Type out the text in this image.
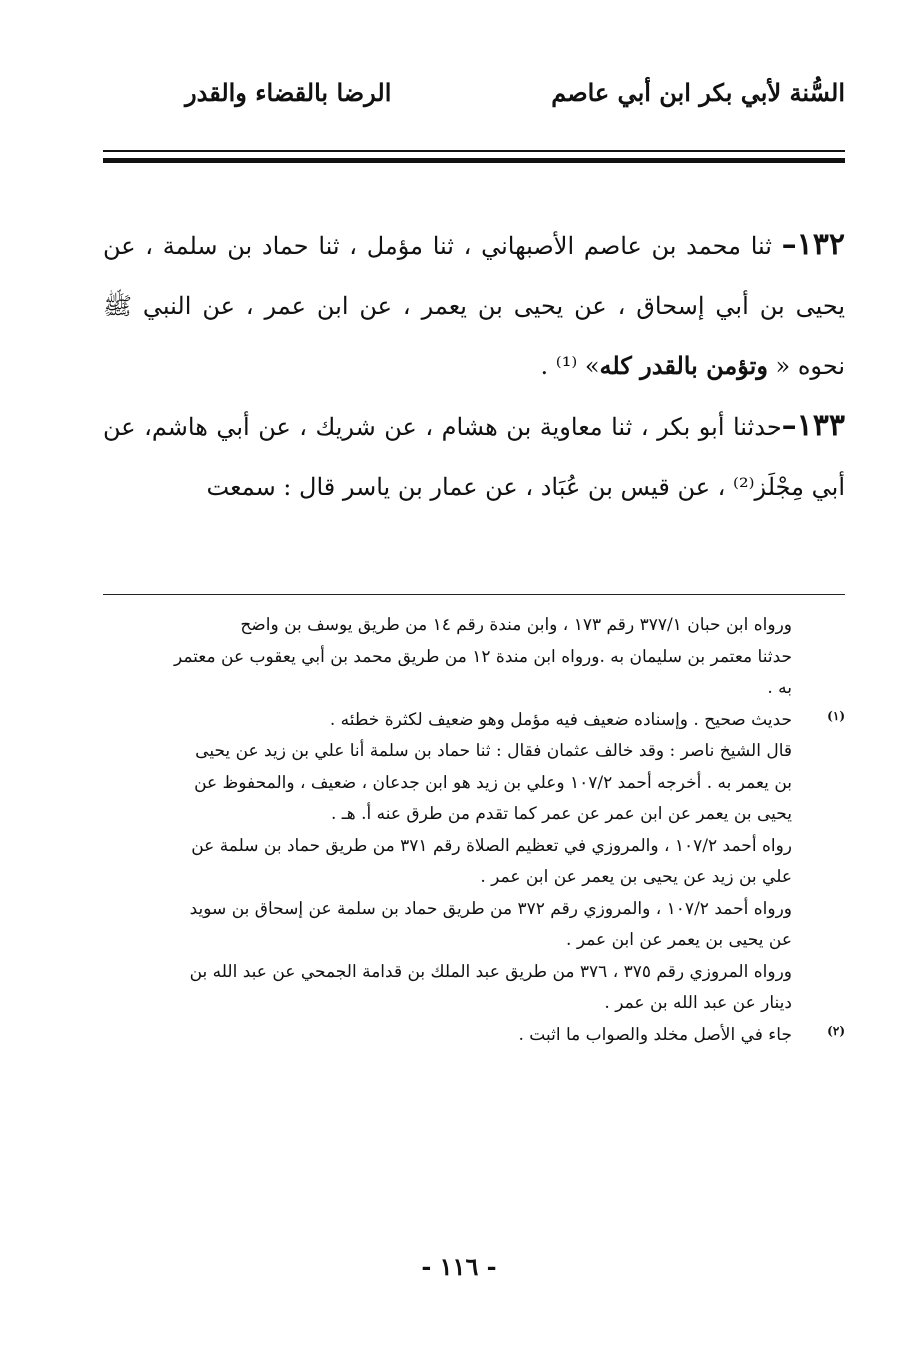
السُّنة لأبي بكر ابن أبي عاصم
الرضا بالقضاء والقدر

١٣٢– ثنا محمد بن عاصم الأصبهاني ، ثنا مؤمل ، ثنا حماد بن سلمة ، عن يحيى بن أبي إسحاق ، عن يحيى بن يعمر ، عن ابن عمر ، عن النبي ﷺ نحوه « وتؤمن بالقدر كله» ⁽¹⁾ .

١٣٣–حدثنا أبو بكر ، ثنا معاوية بن هشام ، عن شريك ، عن أبي هاشم، عن أبي مِجْلَز⁽²⁾ ، عن قيس بن عُبَاد ، عن عمار بن ياسر قال : سمعت

ورواه ابن حبان ٣٧٧/١ رقم ١٧٣ ، وابن مندة رقم ١٤ من طريق يوسف بن واضح
حدثنا معتمر بن سليمان به .ورواه ابن مندة ١٢ من طريق محمد بن أبي يعقوب عن معتمر
به .
(١)
حديث صحيح . وإسناده ضعيف فيه مؤمل وهو ضعيف لكثرة خطئه .
قال الشيخ ناصر : وقد خالف عثمان فقال : ثنا حماد بن سلمة أنا علي بن زيد عن يحيى
بن يعمر به . أخرجه أحمد ١٠٧/٢ وعلي بن زيد هو ابن جدعان ، ضعيف ، والمحفوظ عن
يحيى بن يعمر عن ابن عمر عن عمر كما تقدم من طرق عنه أ. هـ .
رواه أحمد ١٠٧/٢ ، والمروزي في تعظيم الصلاة رقم ٣٧١ من طريق حماد بن سلمة عن
علي بن زيد عن يحيى بن يعمر عن ابن عمر .
ورواه أحمد ١٠٧/٢ ، والمروزي رقم ٣٧٢ من طريق حماد بن سلمة عن إسحاق بن سويد
عن يحيى بن يعمر عن ابن عمر .
ورواه المروزي رقم ٣٧٥ ، ٣٧٦ من طريق عبد الملك بن قدامة الجمحي عن عبد الله بن
دينار عن عبد الله بن عمر .
(٢)
جاء في الأصل مخلد والصواب ما اثبت .
- ١١٦ -
